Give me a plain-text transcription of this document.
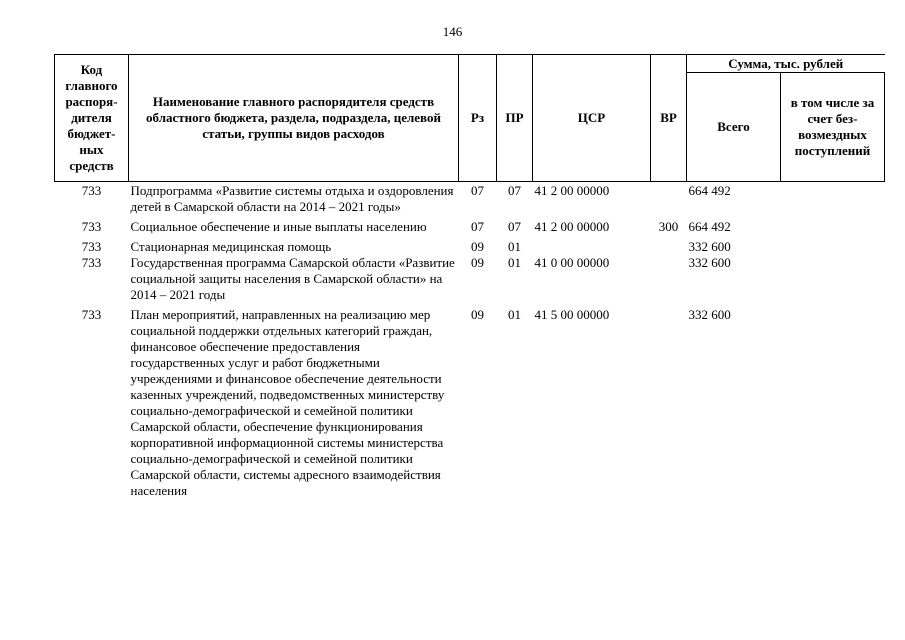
146
Код главного распоря-дителя бюджет-ных средств	Наименование главного распорядителя средств областного бюджета, раздела, подраздела, целевой статьи, группы видов расходов	Рз	ПР	ЦСР	ВР	Сумма, тыс. рублей	
						Всего	в том числе за счет без-возмездных поступлений
733	Подпрограмма «Развитие системы отдыха и оздоровления детей в Самарской области на 2014 – 2021 годы»	07	07	41 2 00 00000		664 492	
733	Социальное обеспечение и иные выплаты населению	07	07	41 2 00 00000	300	664 492	
733	Стационарная медицинская помощь	09	01			332 600	
733	Государственная программа Самарской области «Развитие социальной защиты населения в Самарской области» на 2014 – 2021 годы	09	01	41 0 00 00000		332 600	
733	План мероприятий, направленных на реализацию мер социальной поддержки отдельных категорий граждан, финансовое обеспечение предоставления государственных услуг и работ бюджетными учреждениями и финансовое обеспечение деятельности казенных учреждений, подведомственных министерству социально-демографической и семейной политики Самарской области, обеспечение функционирования корпоративной информационной системы министерства социально-демографической и семейной политики Самарской области, системы адресного взаимодействия населения	09	01	41 5 00 00000		332 600	
